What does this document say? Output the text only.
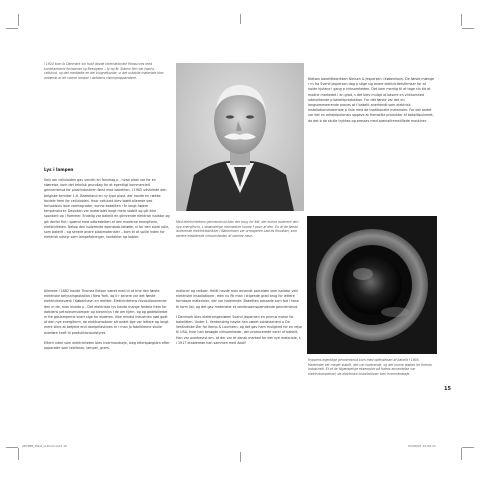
I 1924 kom lb Denmark sin hobf davde internationale filmsucces med konekantstrid fyrtaarnet og Bessigsen – fy og år. Sidens film var Iswd p celluloid, og det meddelte en del biografkunde, vi det ustabile materiale blev antændt af de varme lamper i datidens visningsapparatere.	Nielsen bakelitfabrikken Nielsen & Jespersen i København. De første mænge r m fra Svend Jespersen dog p stige sig andre elektricitetsfirmaer for at holde hjulene i gang p virksomheden. Det kom mentig til at tage sin tid at modne markedet i en grad, s det blev muligt at basere en virksomhed udelukkende p bakelitproduktion. For det første var det en langsommeerende proces at f bakelit anerkendt som elektrisk installationsmateriale p linie med de traditionelle materialer. For det andet var det en arbejdsintensiv opgave at fremstille produkter af bakelitpulveret, da det b de skulle trykkes og presses med specialfremstillede maskiner.

Lys i lampen

Selv om celluloiden gav vendin en forsmag p , hvad plast var for en størrelse, kom det teknisk grundlag for et egentligt kommercielt gennembrud for plastindustrien først med bakeliten. I 1905 udviklede den belgiske kemiker L.H. Baekeland en ny type plast, der havde en række fordele frem for celluloiden. Hvor celluloid blev blødt allerede ved forholdsvis lave varmegrader, kunne bakeliten i år langt højere temperaturer. Desuden var materialet langt mere stabilt og gik ikke spontant op i flammer. Endelig var bakelit en glimrende elektrisk isolator og gik derfor fint i spænd med udbredelsen af den moderne energiform, elektriciteten. Netop den isolerende egenskab betøde, vi for den store rolle, som bakelit – og senere andre plastmaterialer – kom til at spille inden for elektrisk udstyr som lampefatninger, kontakter og kabler.

Med elektricitetens gennembrud blev der brug for lidt, der kunne isolerere den nye energiform, s strømdelige mennesker kunne f gavn af den. En af de første isolerende elektrikfabrikker i København var urmageren Laurits Knudsen, som senere etablerede virksomheden af samme navn.

Allerede i 1882 havde Thomas Edison været med til at tme den første elektriske belysningsstation i New York, og k r senere var det første elektricitetsværk i København en realitet. Elektricitetens revolutionerende den m de, man levede p . Det elektriske lys havde mange fordele frem for datidens petroleumslamper og stearinlys i de am hjem, og og gadebilledet m tte gaslamperne snart sige for elpæren. Ikke mindst industrien nød godt af den nye energiform, da elektromotorer alt andet lige var lettere og langt mere sikre at betjene end dampmaskines m r man jo fabrikkerne skulle overføre kraft til produktionsudstyret.

Efterh nden som elektriciteten blev hvermandseje, steg efterspørgslen efter apparater som telefoner, lamper, gram-

mofoner og radioer. Heldt havde man anvendt porcelæn som isolator ved elektriske installationer, men nu fik man i stigende grad brug for lettere formbare materialer, der var isolerende. Bakeliten passede som fod i hose til form list, og det gav materialet et verdensomspændende gennembrud.

I Danmark blev elektroingeniøren Svend Jespersen en primus motor for bakelitten. Under 1. Verdenskrig havde han været soldatsenent p De Vestindiske Øer for Kemp & Lauritzen, og det gav ham mulighed for en rejse til USA, hvor han besøgte virksomheder, der producerede varer af bakelit. Han var overbevist om, at der var et dansk marked for det nye materiale, s i 1917 etablerede han sammen med Adolf

Hyppens egentlige gennembrud kom med opfindelsen af bakelit i 1905. Materialet var meget stabilt, det var isolerende, og det kunne støbes let formes industrielt. Et af de tilgængelige eksempler på tidens anvendelse var elektrokompeksel, da elektriske installationer blev hvermandseje.
15
2870EP_Plast_indhold.indd 15	03/09/07 15:09:21
